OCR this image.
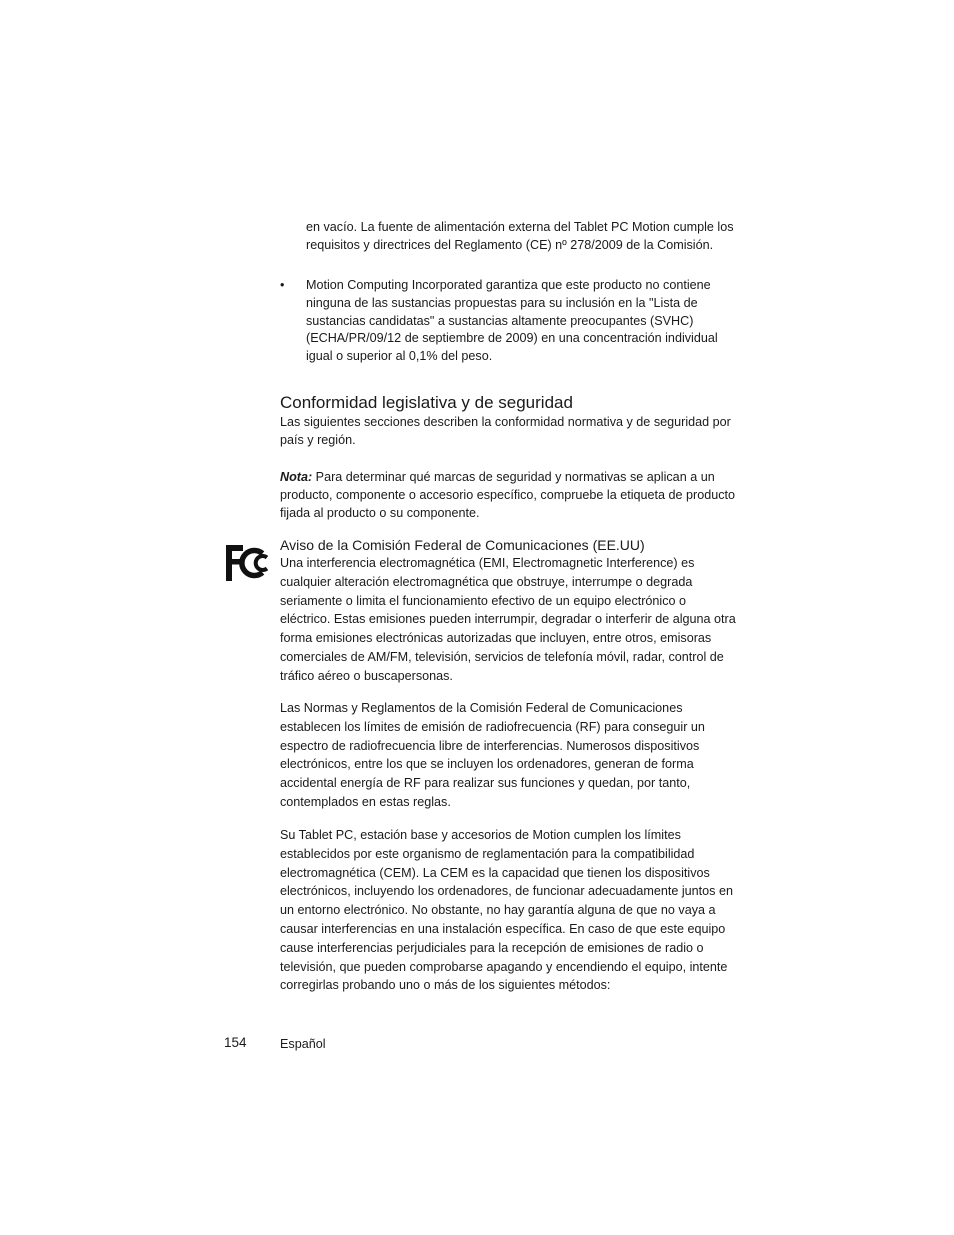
en vacío. La fuente de alimentación externa del Tablet PC Motion cumple los requisitos y directrices del Reglamento (CE) nº 278/2009 de la Comisión.

•	Motion Computing Incorporated garantiza que este producto no contiene ninguna de las sustancias propuestas para su inclusión en la "Lista de sustancias candidatas" a sustancias altamente preocupantes (SVHC) (ECHA/PR/09/12 de septiembre de 2009) en una concentración individual igual o superior al 0,1% del peso.

Conformidad legislativa y de seguridad

Las siguientes secciones describen la conformidad normativa y de seguridad por país y región.

Nota: Para determinar qué marcas de seguridad y normativas se aplican a un producto, componente o accesorio específico, compruebe la etiqueta de producto fijada al producto o su componente.

Aviso de la Comisión Federal de Comunicaciones (EE.UU)

Una interferencia electromagnética (EMI, Electromagnetic Interference) es cualquier alteración electromagnética que obstruye, interrumpe o degrada seriamente o limita el funcionamiento efectivo de un equipo electrónico o eléctrico. Estas emisiones pueden interrumpir, degradar o interferir de alguna otra forma emisiones electrónicas autorizadas que incluyen, entre otros, emisoras comerciales de AM/FM, televisión, servicios de telefonía móvil, radar, control de tráfico aéreo o buscapersonas.

Las Normas y Reglamentos de la Comisión Federal de Comunicaciones establecen los límites de emisión de radiofrecuencia (RF) para conseguir un espectro de radiofrecuencia libre de interferencias. Numerosos dispositivos electrónicos, entre los que se incluyen los ordenadores, generan de forma accidental energía de RF para realizar sus funciones y quedan, por tanto, contemplados en estas reglas.

Su Tablet PC, estación base y accesorios de Motion cumplen los límites establecidos por este organismo de reglamentación para la compatibilidad electromagnética (CEM). La CEM es la capacidad que tienen los dispositivos electrónicos, incluyendo los ordenadores, de funcionar adecuadamente juntos en un entorno electrónico. No obstante, no hay garantía alguna de que no vaya a causar interferencias en una instalación específica. En caso de que este equipo cause interferencias perjudiciales para la recepción de emisiones de radio o televisión, que pueden comprobarse apagando y encendiendo el equipo, intente corregirlas probando uno o más de los siguientes métodos:

154	Español
